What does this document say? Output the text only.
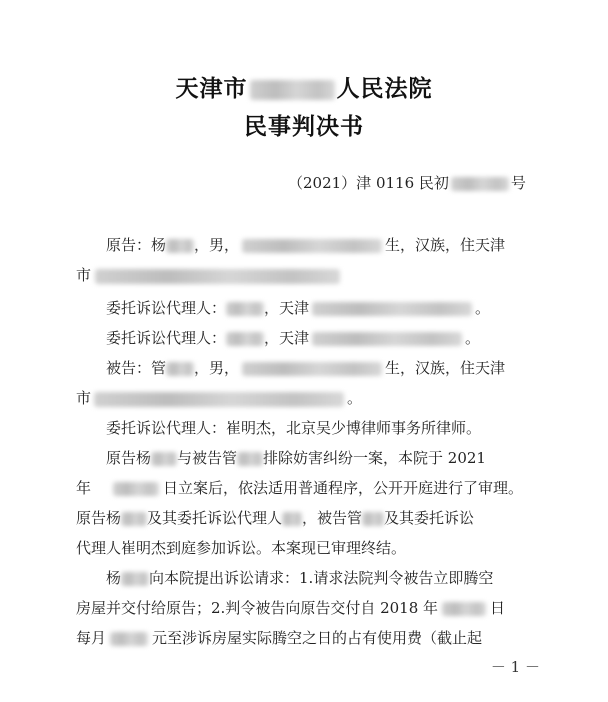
天津市	人民法院
民事判决书
（2021）津 0116 民初	号
原告：杨 ，男，	生，汉族，住天津
市
委托诉讼代理人：	，天津	。
委托诉讼代理人：	，天津	。
被告：管 ，男，	生，汉族，住天津
市	。
委托诉讼代理人：崔明杰，北京吴少博律师事务所律师。
原告杨 与被告管 排除妨害纠纷一案，本院于 2021
年	日立案后，依法适用普通程序，公开开庭进行了审理。
原告杨 及其委托诉讼代理人 ，被告管 及其委托诉讼
代理人崔明杰到庭参加诉讼。本案现已审理终结。
杨 向本院提出诉讼请求：1.请求法院判令被告立即腾空
房屋并交付给原告；2.判令被告向原告交付自 2018 年	日
每月	元至涉诉房屋实际腾空之日的占有使用费（截止起
－ 1 －
